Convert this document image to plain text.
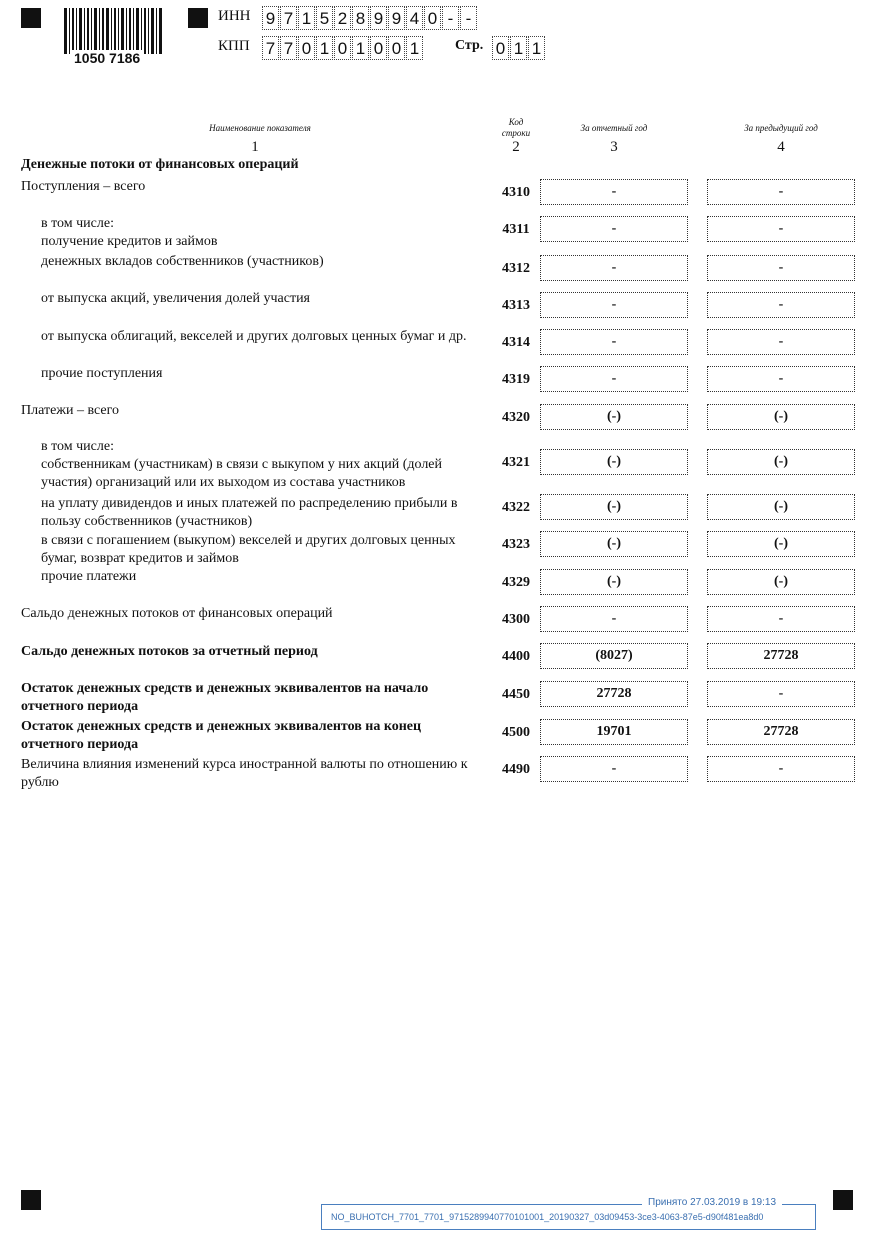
1050 7186
ИНН 9 7 1 5 2 8 9 9 4 0 - -
КПП 7 7 0 1 0 1 0 0 1	Стр. 0 1 1
Наименование показателя
Код
строки	За отчетный год	За предыдущий год
1	2	3	4
Денежные потоки от финансовых операций
Поступления – всего	4310	-	-
в том числе:
получение кредитов и займов
4311	-	-
денежных вкладов собственников (участников)	4312	-	-
от выпуска акций, увеличения долей участия	4313	-	-
от выпуска облигаций, векселей и других долговых ценных бумаг и др.	4314	-	-
прочие поступления	4319	-	-
Платежи – всего	4320	(-)	(-)
в том числе:
собственникам (участникам) в связи с выкупом у них акций (долей
участия) организаций или их выходом из состава участников
4321	(-)	(-)
на уплату дивидендов и иных платежей по распределению прибыли в
пользу собственников (участников)
4322	(-)	(-)
в связи с погашением (выкупом) векселей и других долговых ценных
бумаг, возврат кредитов и займов
4323	(-)	(-)
прочие платежи	4329	(-)	(-)
Сальдо денежных потоков от финансовых операций	4300	-	-
Сальдо денежных потоков за отчетный период	4400	(8027)	27728
Остаток денежных средств и денежных эквивалентов на начало
отчетного периода
4450	27728	-
Остаток денежных средств и денежных эквивалентов на конец
отчетного периода
4500	19701	27728
Величина влияния изменений курса иностранной валюты по отношению к
рублю
4490	-	-
Принято 27.03.2019 в 19:13
NO_BUHOTCH_7701_7701_9715289940770101001_20190327_03d09453-3ce3-4063-87e5-d90f481ea8d0
